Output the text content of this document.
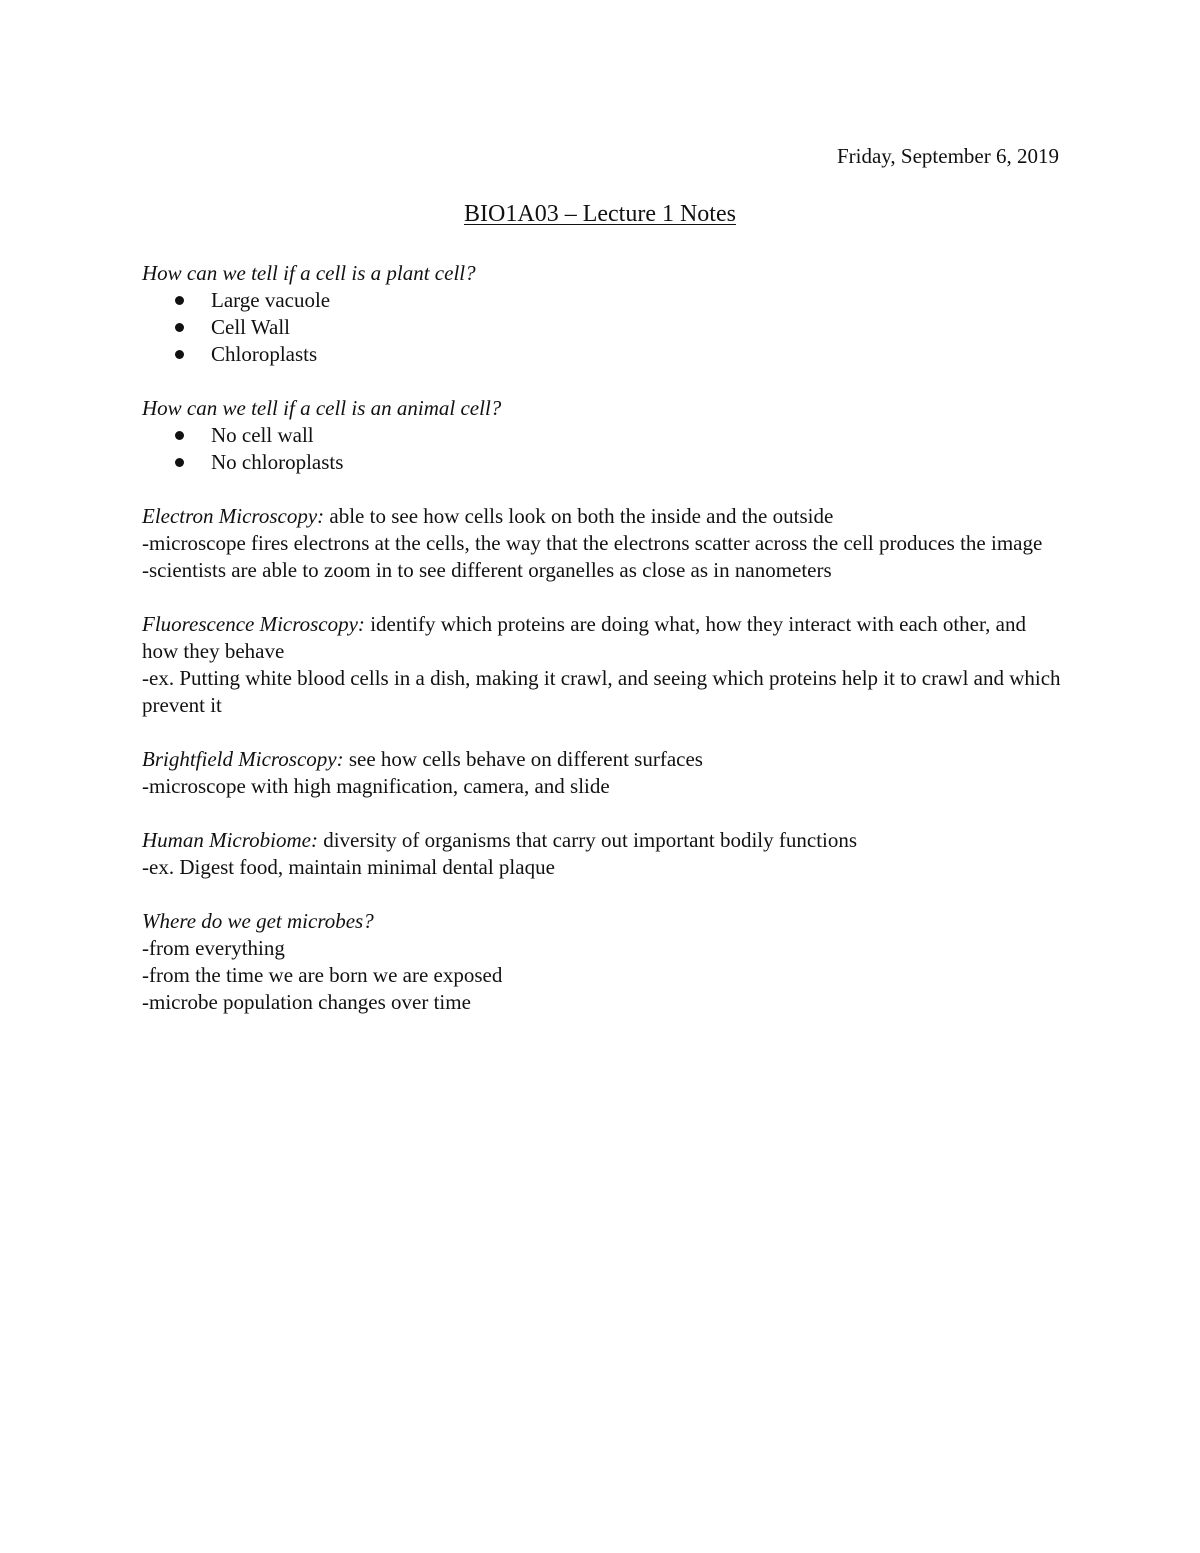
Friday, September 6, 2019
BIO1A03 – Lecture 1 Notes

How can we tell if a cell is a plant cell?

Large vacuole
Cell Wall
Chloroplasts

How can we tell if a cell is an animal cell?

No cell wall
No chloroplasts

Electron Microscopy: able to see how cells look on both the inside and the outside

-microscope fires electrons at the cells, the way that the electrons scatter across the cell produces the image

-scientists are able to zoom in to see different organelles as close as in nanometers

Fluorescence Microscopy: identify which proteins are doing what, how they interact with each other, and how they behave

-ex. Putting white blood cells in a dish, making it crawl, and seeing which proteins help it to crawl and which prevent it

Brightfield Microscopy: see how cells behave on different surfaces

-microscope with high magnification, camera, and slide

Human Microbiome: diversity of organisms that carry out important bodily functions

-ex. Digest food, maintain minimal dental plaque

Where do we get microbes?

-from everything

-from the time we are born we are exposed

-microbe population changes over time
